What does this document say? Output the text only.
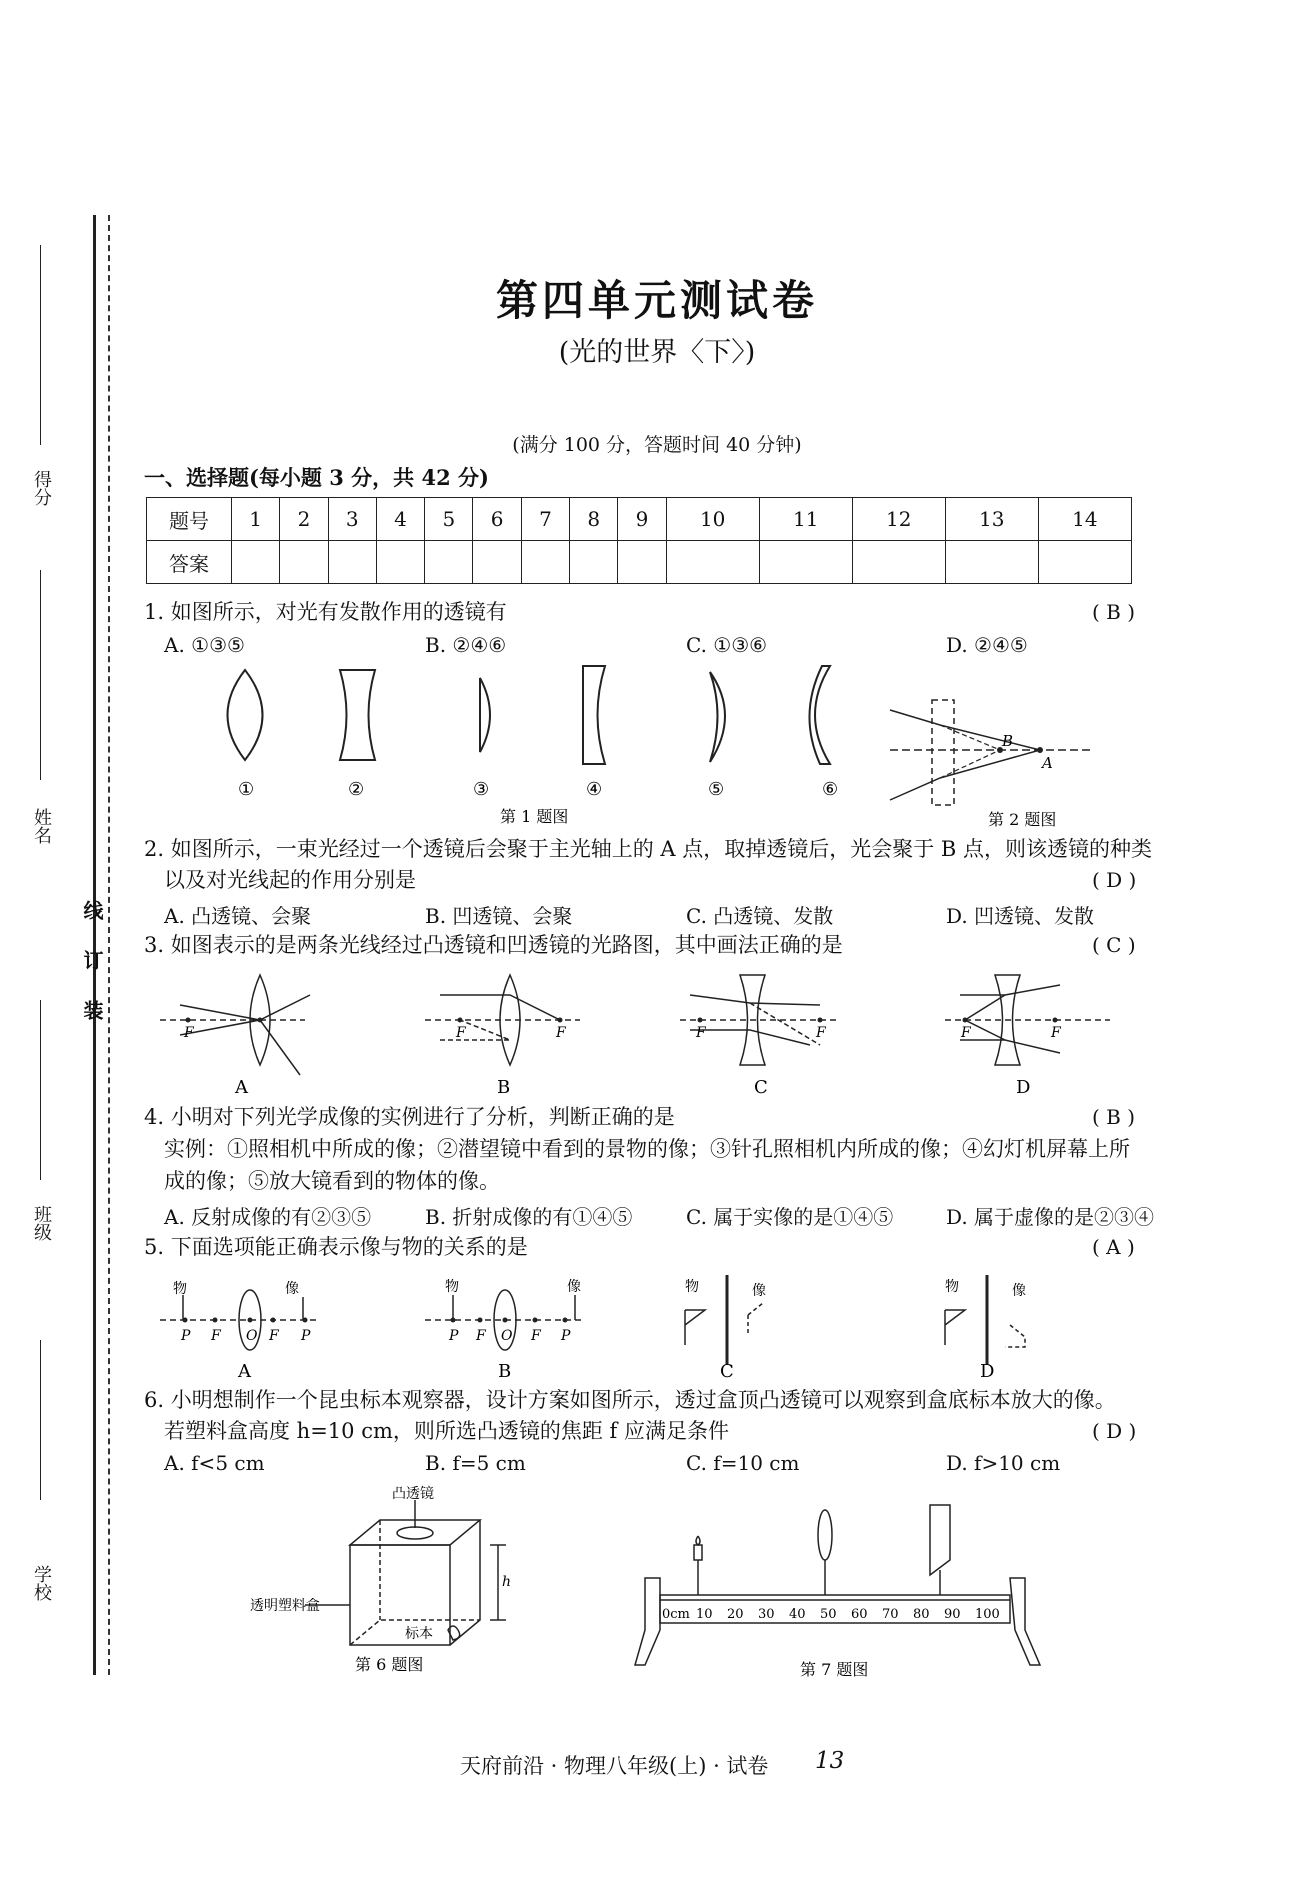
得分
姓名
班级
学校
装
订
线
第四单元测试卷
(光的世界〈下〉)
(满分 100 分，答题时间 40 分钟)
一、选择题(每小题 3 分，共 42 分)
题号	1	2	3	4	5	6	7	8	9	10	11	12	13	14
答案														
1. 如图所示，对光有发散作用的透镜有	( B )
A. ①③⑤	B. ②④⑥	C. ①③⑥	D. ②④⑤
①	②	③	④	⑤	⑥
第 1 题图
B
A
第 2 题图
2. 如图所示，一束光经过一个透镜后会聚于主光轴上的 A 点，取掉透镜后，光会聚于 B 点，则该透镜的种类
以及对光线起的作用分别是	( D )
A. 凸透镜、会聚	B. 凹透镜、会聚	C. 凸透镜、发散	D. 凹透镜、发散
3. 如图表示的是两条光线经过凸透镜和凹透镜的光路图，其中画法正确的是	( C )
F	F	F	F	F	F	F
A	B	C	D
4. 小明对下列光学成像的实例进行了分析，判断正确的是	( B )
实例：①照相机中所成的像；②潜望镜中看到的景物的像；③针孔照相机内所成的像；④幻灯机屏幕上所
成的像；⑤放大镜看到的物体的像。
A. 反射成像的有②③⑤	B. 折射成像的有①④⑤	C. 属于实像的是①④⑤	D. 属于虚像的是②③④
5. 下面选项能正确表示像与物的关系的是	( A )
物	像	物	像	物	像	物	像
P F O F P	P F O F P
A	B	C	D
6. 小明想制作一个昆虫标本观察器，设计方案如图所示，透过盒顶凸透镜可以观察到盒底标本放大的像。
若塑料盒高度 h=10 cm，则所选凸透镜的焦距 f 应满足条件	( D )
A. f<5 cm	B. f=5 cm	C. f=10 cm	D. f>10 cm
凸透镜
h
透明塑料盒
标本
第 6 题图
0cm 10 20 30 40 50 60 70 80 90 100
第 7 题图
天府前沿 · 物理八年级(上) · 试卷 13
